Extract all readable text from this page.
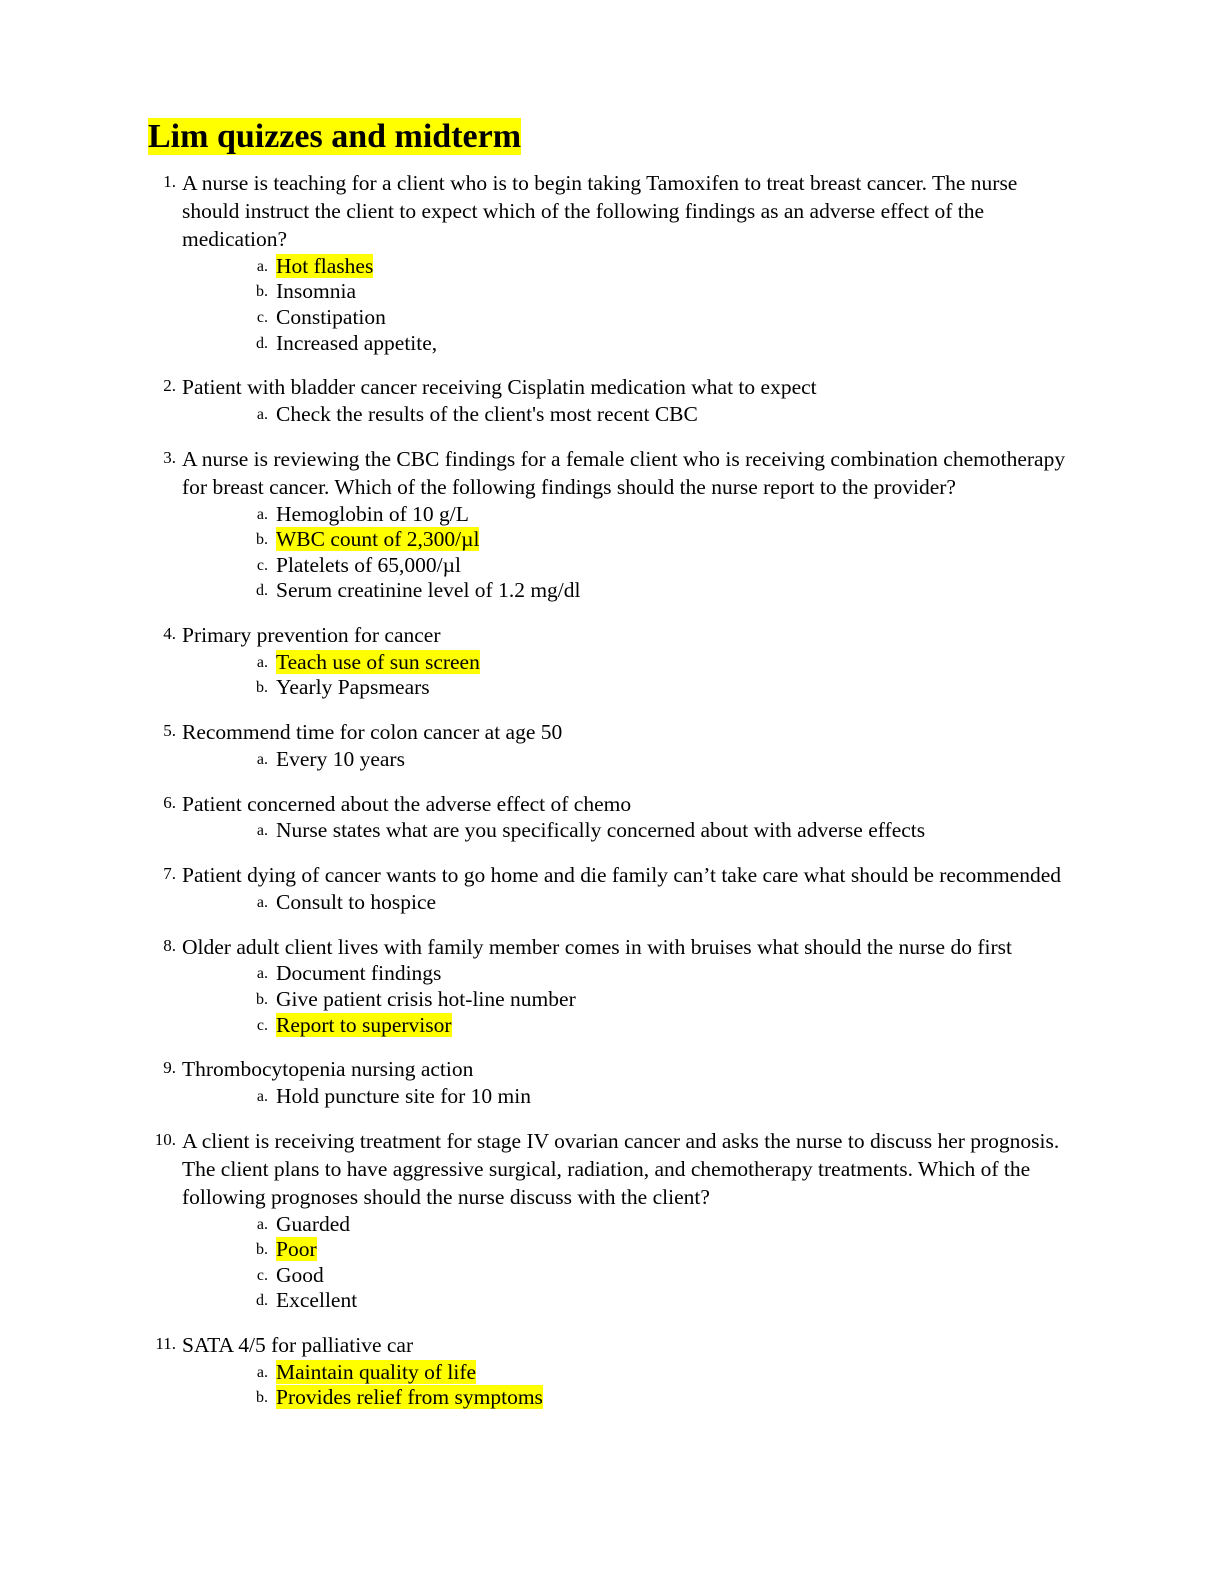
Lim quizzes and midterm
1. A nurse is teaching for a client who is to begin taking Tamoxifen to treat breast cancer. The nurse should instruct the client to expect which of the following findings as an adverse effect of the medication?

a. Hot flashes
b. Insomnia
c. Constipation
d. Increased appetite,
2. Patient with bladder cancer receiving Cisplatin medication what to expect

a. Check the results of the client's most recent CBC
3. A nurse is reviewing the CBC findings for a female client who is receiving combination chemotherapy for breast cancer. Which of the following findings should the nurse report to the provider?

a. Hemoglobin of 10 g/L
b. WBC count of 2,300/µl
c. Platelets of 65,000/µl
d. Serum creatinine level of 1.2 mg/dl
4. Primary prevention for cancer

a. Teach use of sun screen
b. Yearly Papsmears
5. Recommend time for colon cancer at age 50

a. Every 10 years
6. Patient concerned about the adverse effect of chemo

a. Nurse states what are you specifically concerned about with adverse effects
7. Patient dying of cancer wants to go home and die family can’t take care what should be recommended

a. Consult to hospice
8. Older adult client lives with family member comes in with bruises what should the nurse do first

a. Document findings
b. Give patient crisis hot-line number
c. Report to supervisor
9. Thrombocytopenia nursing action

a. Hold puncture site for 10 min
10. A client is receiving treatment for stage IV ovarian cancer and asks the nurse to discuss her prognosis. The client plans to have aggressive surgical, radiation, and chemotherapy treatments. Which of the following prognoses should the nurse discuss with the client?

a. Guarded
b. Poor
c. Good
d. Excellent
11. SATA 4/5 for palliative car

a. Maintain quality of life
b. Provides relief from symptoms
